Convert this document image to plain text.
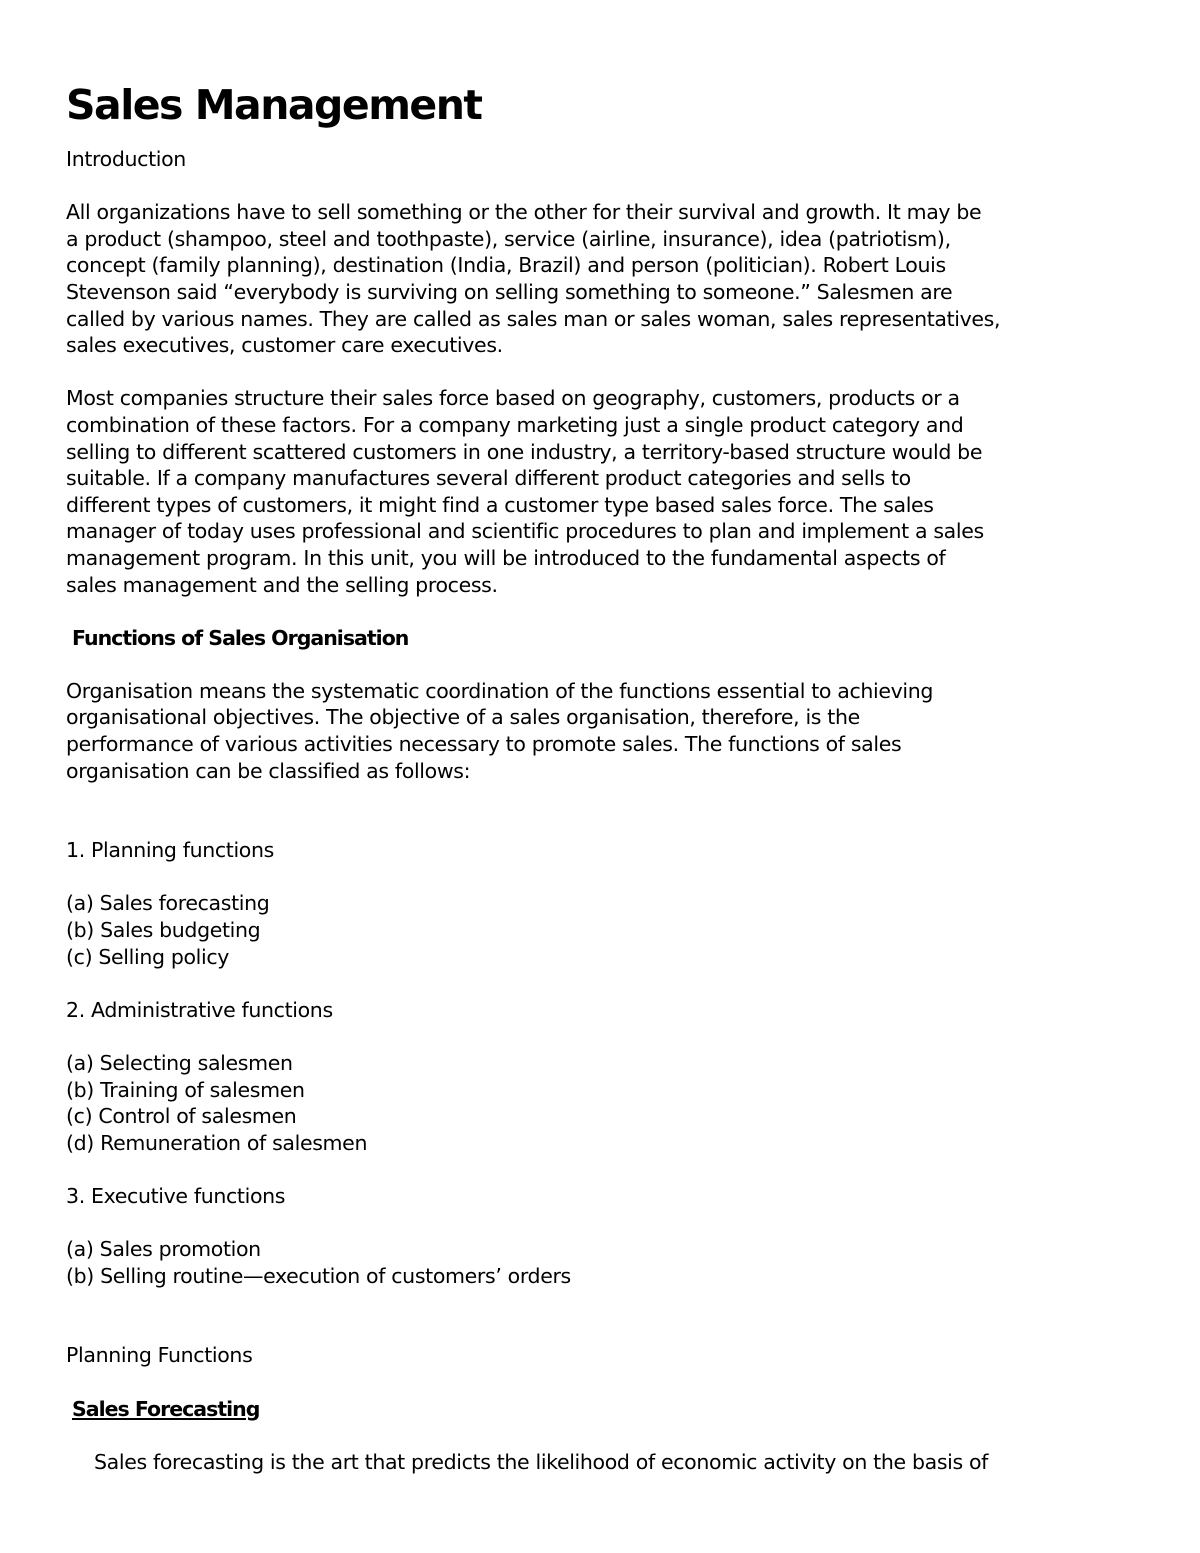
Sales Management

Introduction

All organizations have to sell something or the other for their survival and growth. It may be
a product (shampoo, steel and toothpaste), service (airline, insurance), idea (patriotism),
concept (family planning), destination (India, Brazil) and person (politician). Robert Louis
Stevenson said “everybody is surviving on selling something to someone.” Salesmen are
called by various names. They are called as sales man or sales woman, sales representatives,
sales executives, customer care executives.

Most companies structure their sales force based on geography, customers, products or a
combination of these factors. For a company marketing just a single product category and
selling to different scattered customers in one industry, a territory-based structure would be
suitable. If a company manufactures several different product categories and sells to
different types of customers, it might find a customer type based sales force. The sales
manager of today uses professional and scientific procedures to plan and implement a sales
management program. In this unit, you will be introduced to the fundamental aspects of
sales management and the selling process.

Functions of Sales Organisation

Organisation means the systematic coordination of the functions essential to achieving
organisational objectives. The objective of a sales organisation, therefore, is the
performance of various activities necessary to promote sales. The functions of sales
organisation can be classified as follows:

1. Planning functions

(a) Sales forecasting
(b) Sales budgeting
(c) Selling policy

2. Administrative functions

(a) Selecting salesmen
(b) Training of salesmen
(c) Control of salesmen
(d) Remuneration of salesmen

3. Executive functions

(a) Sales promotion
(b) Selling routine—execution of customers’ orders

Planning Functions

Sales Forecasting

Sales forecasting is the art that predicts the likelihood of economic activity on the basis of
